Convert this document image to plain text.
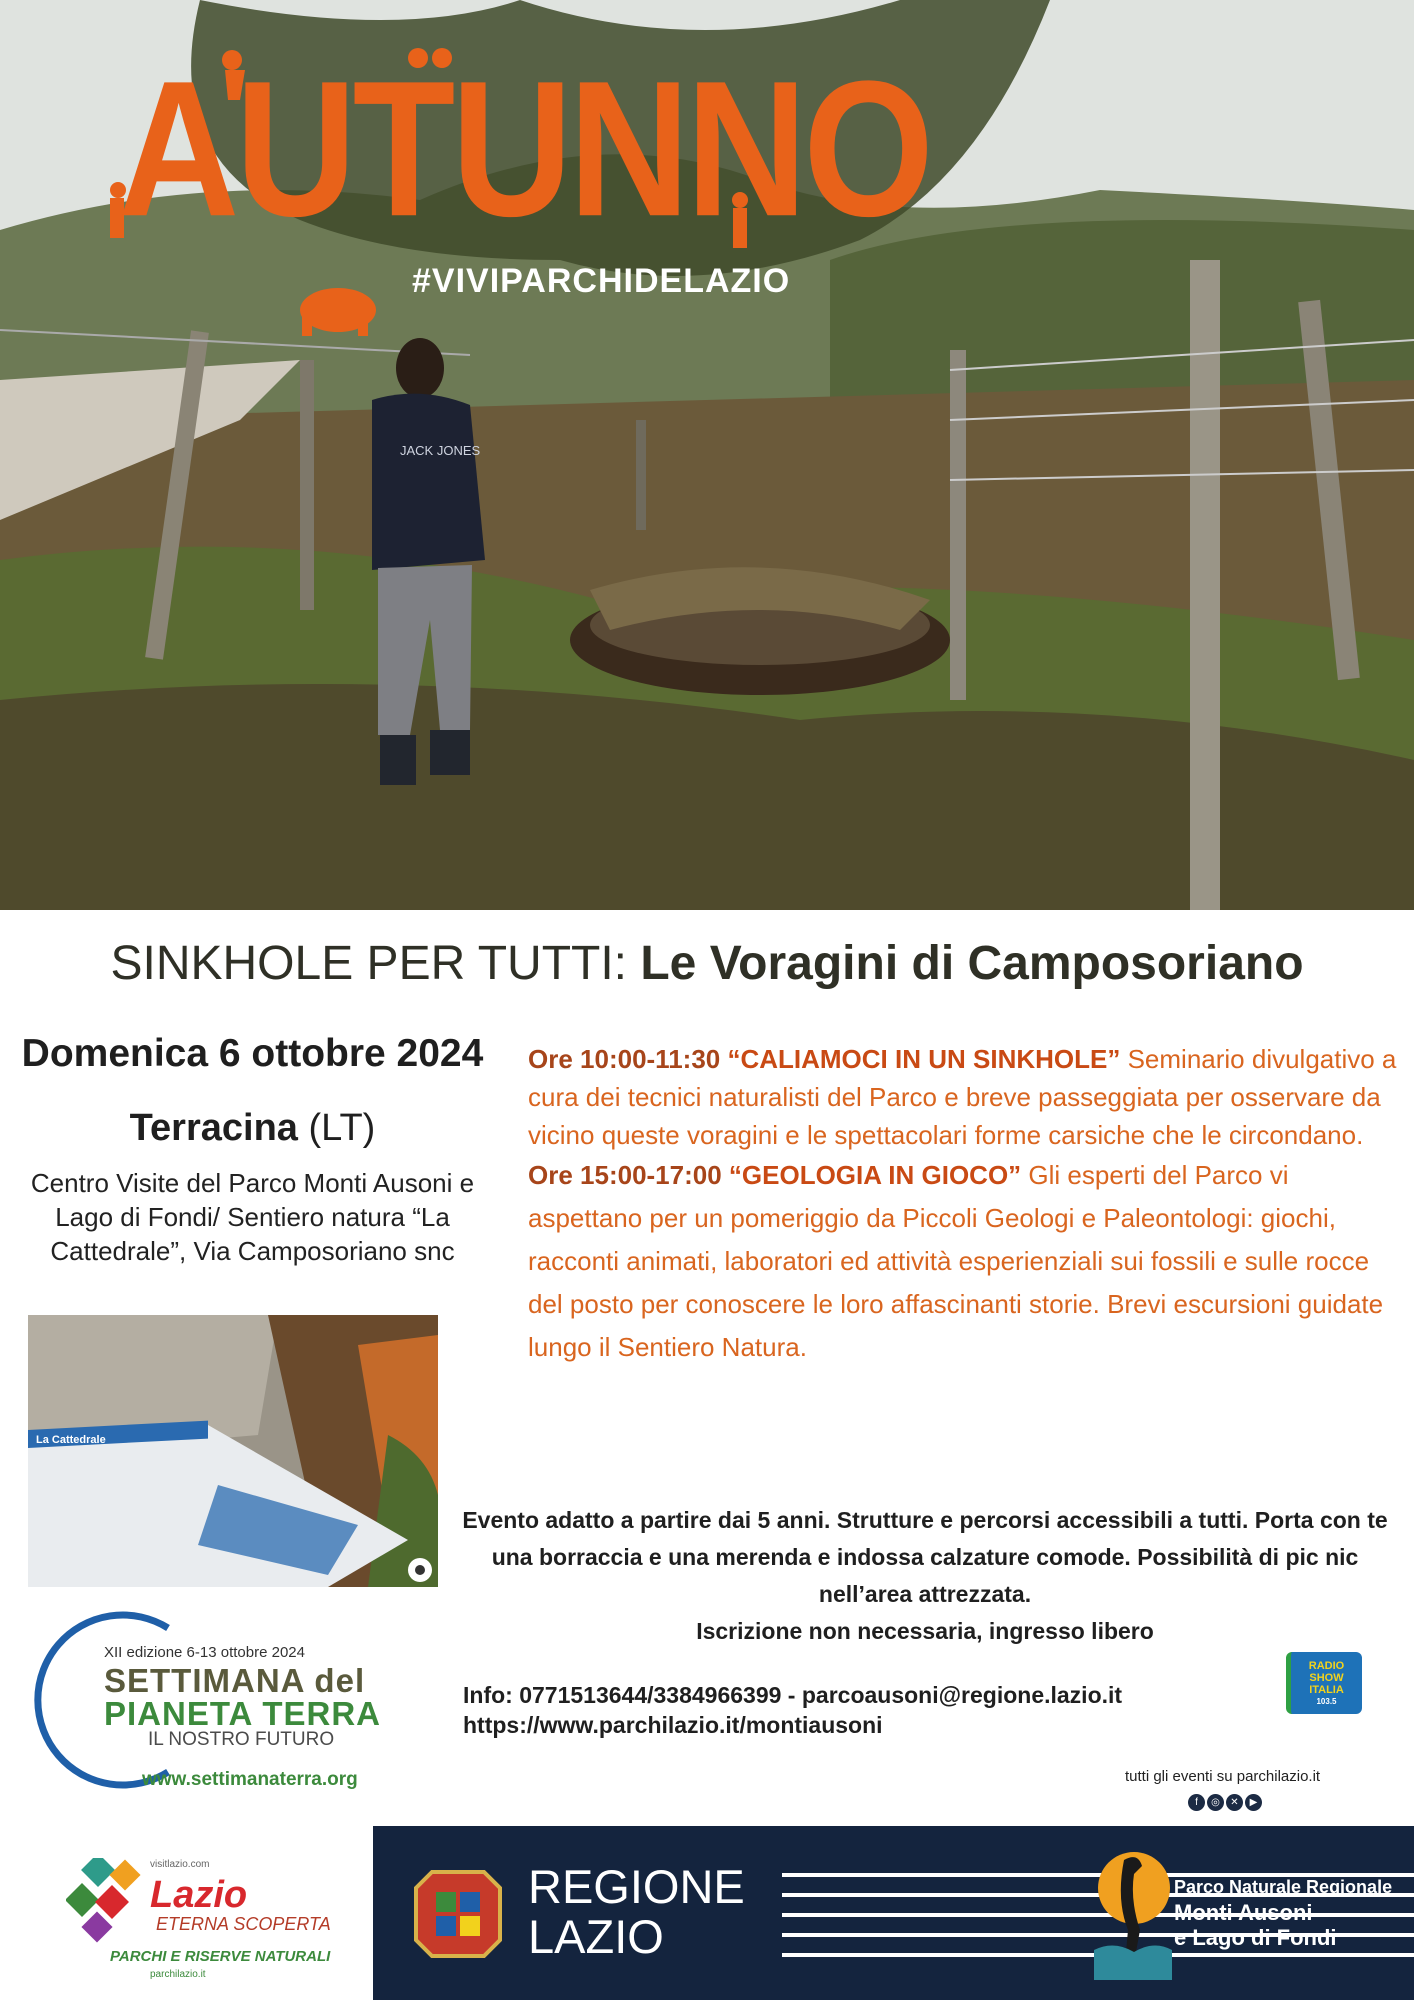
JACK JONES
AUTUNNO
#VIVIPARCHIDELAZIO
SINKHOLE PER TUTTI: Le Voragini di Camposoriano
Domenica 6 ottobre 2024
Terracina (LT)
Centro Visite del Parco Monti Ausoni e Lago di Fondi/ Sentiero natura “La Cattedrale”, Via Camposoriano snc
La Cattedrale
Ore 10:00-11:30 “CALIAMOCI IN UN SINKHOLE” Seminario divulgativo a cura dei tecnici naturalisti del Parco e breve passeggiata per osservare da vicino queste voragini e le spettacolari forme carsiche che le circondano.
Ore 15:00-17:00 “GEOLOGIA IN GIOCO” Gli esperti del Parco vi aspettano per un pomeriggio da Piccoli Geologi e Paleontologi: giochi, racconti animati, laboratori ed attività esperienziali sui fossili e sulle rocce del posto per conoscere le loro affascinanti storie. Brevi escursioni guidate lungo il Sentiero Natura.
Evento adatto a partire dai 5 anni. Strutture e percorsi accessibili a tutti. Porta con te una borraccia e una merenda e indossa calzature comode. Possibilità di pic nic nell’area attrezzata.
Iscrizione non necessaria, ingresso libero
Info: 0771513644/3384966399 - parcoausoni@regione.lazio.it
https://www.parchilazio.it/montiausoni
XII edizione 6-13 ottobre 2024
SETTIMANA del
PIANETA TERRA
IL NOSTRO FUTURO
www.settimanaterra.org
RADIO
SHOW
ITALIA
103.5
tutti gli eventi su parchilazio.it
f ◎ ✕ ▶
visitlazio.com
Lazio
ETERNA SCOPERTA
PARCHI E RISERVE NATURALI
parchilazio.it
REGIONE
LAZIO
Parco Naturale Regionale
Monti Ausoni
e Lago di Fondi
